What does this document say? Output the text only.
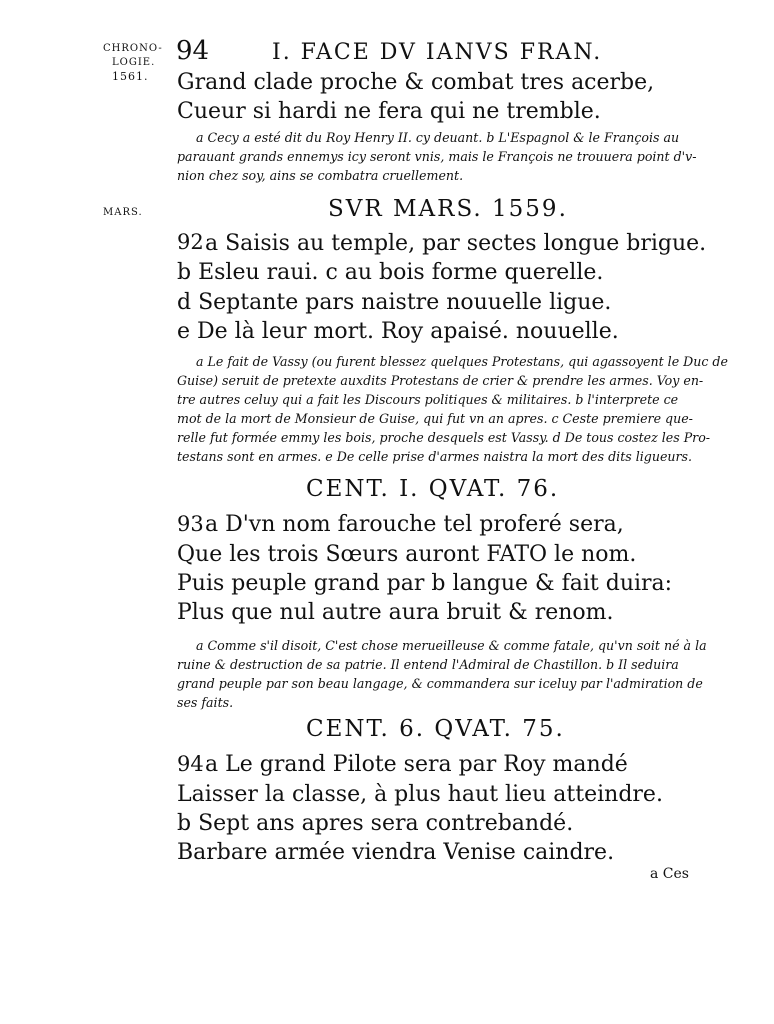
CHRONO-
LOGIE.
1561.
94	I. FACE DV IANVS FRAN.
Grand clade proche & combat tres acerbe,
Cueur si hardi ne fera qui ne tremble.
a Cecy a esté dit du Roy Henry II. cy deuant. b L'Espagnol & le François au
parauant grands ennemys icy seront vnis, mais le François ne trouuera point d'v-
nion chez soy, ains se combatra cruellement.
MARS.	SVR MARS. 1559.
92 a Saisis au temple, par sectes longue brigue.
b Esleu raui. c au bois forme querelle.
d Septante pars naistre nouuelle ligue.
e De là leur mort. Roy apaisé. nouuelle.
a Le fait de Vassy (ou furent blessez quelques Protestans, qui agassoyent le Duc de
Guise) seruit de pretexte auxdits Protestans de crier & prendre les armes. Voy en-
tre autres celuy qui a fait les Discours politiques & militaires. b l'interprete ce
mot de la mort de Monsieur de Guise, qui fut vn an apres. c Ceste premiere que-
relle fut formée emmy les bois, proche desquels est Vassy. d De tous costez les Pro-
testans sont en armes. e De celle prise d'armes naistra la mort des dits ligueurs.
CENT. I. QVAT. 76.
93 a D'vn nom farouche tel proferé sera,
Que les trois Sœurs auront FATO le nom.
Puis peuple grand par b langue & fait duira:
Plus que nul autre aura bruit & renom.
a Comme s'il disoit, C'est chose merueilleuse & comme fatale, qu'vn soit né à la
ruine & destruction de sa patrie. Il entend l'Admiral de Chastillon. b Il seduira
grand peuple par son beau langage, & commandera sur iceluy par l'admiration de
ses faits.
CENT. 6. QVAT. 75.
94 a Le grand Pilote sera par Roy mandé
Laisser la classe, à plus haut lieu atteindre.
b Sept ans apres sera contrebandé.
Barbare armée viendra Venise caindre.
a Ces
